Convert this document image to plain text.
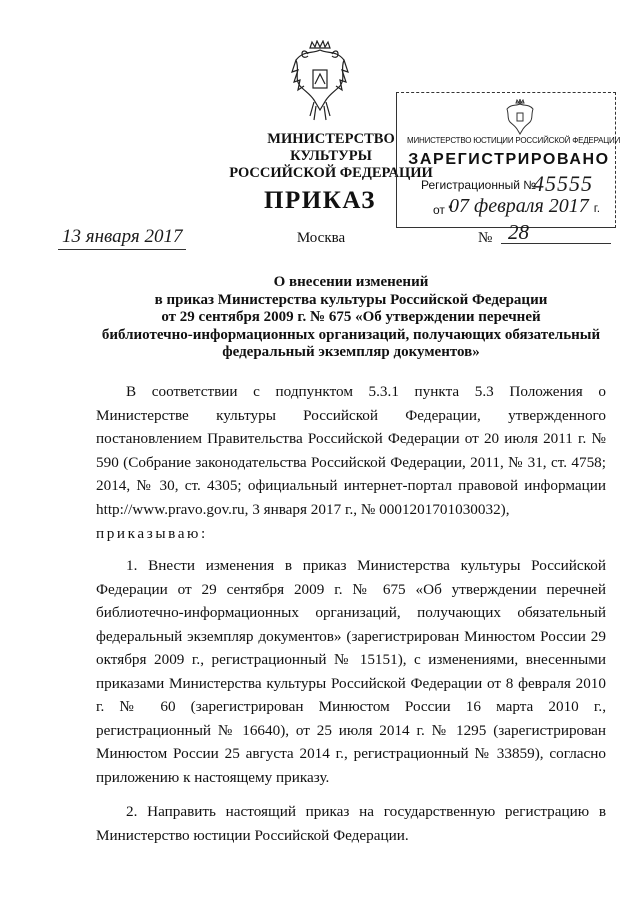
МИНИСТЕРСТВО КУЛЬТУРЫ
РОССИЙСКОЙ ФЕДЕРАЦИИ
МИНИСТЕРСТВО ЮСТИЦИИ РОССИЙСКОЙ ФЕДЕРАЦИИ
ЗАРЕГИСТРИРОВАНО
Регистрационный №
45555
от "
07 февраля 2017 г.
ПРИКАЗ
13 января 2017	Москва	№ 28
О внесении изменений
в приказ Министерства культуры Российской Федерации
от 29 сентября 2009 г. № 675 «Об утверждении перечней
библиотечно-информационных организаций, получающих обязательный
федеральный экземпляр документов»
В соответствии с подпунктом 5.3.1 пункта 5.3 Положения о Министерстве культуры Российской Федерации, утвержденного постановлением Правительства Российской Федерации от 20 июля 2011 г. № 590 (Собрание законодательства Российской Федерации, 2011, № 31, ст. 4758; 2014, № 30, ст. 4305; официальный интернет-портал правовой информации http://www.pravo.gov.ru, 3 января 2017 г., № 0001201701030032),
приказываю:
1. Внести изменения в приказ Министерства культуры Российской Федерации от 29 сентября 2009 г. № 675 «Об утверждении перечней библиотечно-информационных организаций, получающих обязательный федеральный экземпляр документов» (зарегистрирован Минюстом России 29 октября 2009 г., регистрационный № 15151), с изменениями, внесенными приказами Министерства культуры Российской Федерации от 8 февраля 2010 г. № 60 (зарегистрирован Минюстом России 16 марта 2010 г., регистрационный № 16640), от 25 июля 2014 г. № 1295 (зарегистрирован Минюстом России 25 августа 2014 г., регистрационный № 33859), согласно приложению к настоящему приказу.
2. Направить настоящий приказ на государственную регистрацию в Министерство юстиции Российской Федерации.
